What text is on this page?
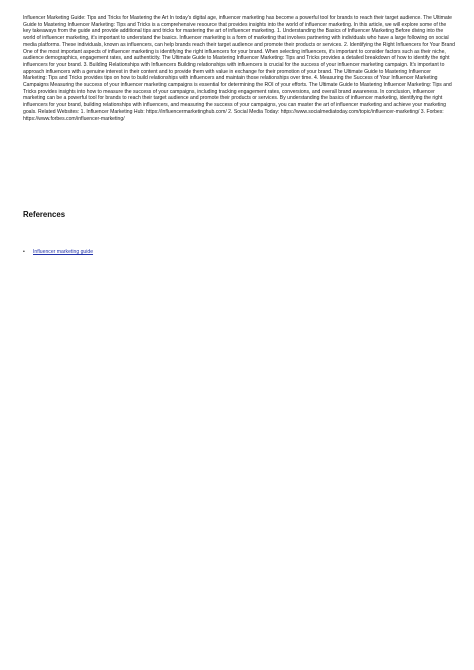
Influencer Marketing Guide: Tips and Tricks for Mastering the Art In today's digital age, influencer marketing has become a powerful tool for brands to reach their target audience. The Ultimate Guide to Mastering Influencer Marketing: Tips and Tricks is a comprehensive resource that provides insights into the world of influencer marketing. In this article, we will explore some of the key takeaways from the guide and provide additional tips and tricks for mastering the art of influencer marketing. 1. Understanding the Basics of Influencer Marketing Before diving into the world of influencer marketing, it's important to understand the basics. Influencer marketing is a form of marketing that involves partnering with individuals who have a large following on social media platforms. These individuals, known as influencers, can help brands reach their target audience and promote their products or services. 2. Identifying the Right Influencers for Your Brand One of the most important aspects of influencer marketing is identifying the right influencers for your brand. When selecting influencers, it's important to consider factors such as their niche, audience demographics, engagement rates, and authenticity. The Ultimate Guide to Mastering Influencer Marketing: Tips and Tricks provides a detailed breakdown of how to identify the right influencers for your brand. 3. Building Relationships with Influencers Building relationships with influencers is crucial for the success of your influencer marketing campaign. It's important to approach influencers with a genuine interest in their content and to provide them with value in exchange for their promotion of your brand. The Ultimate Guide to Mastering Influencer Marketing: Tips and Tricks provides tips on how to build relationships with influencers and maintain those relationships over time. 4. Measuring the Success of Your Influencer Marketing Campaigns Measuring the success of your influencer marketing campaigns is essential for determining the ROI of your efforts. The Ultimate Guide to Mastering Influencer Marketing: Tips and Tricks provides insights into how to measure the success of your campaigns, including tracking engagement rates, conversions, and overall brand awareness. In conclusion, influencer marketing can be a powerful tool for brands to reach their target audience and promote their products or services. By understanding the basics of influencer marketing, identifying the right influencers for your brand, building relationships with influencers, and measuring the success of your campaigns, you can master the art of influencer marketing and achieve your marketing goals. Related Websites: 1. Influencer Marketing Hub: https://influencermarketinghub.com/ 2. Social Media Today: https://www.socialmediatoday.com/topic/influencer-marketing/ 3. Forbes: https://www.forbes.com/influencer-marketing/

References
•	Influencer marketing guide
